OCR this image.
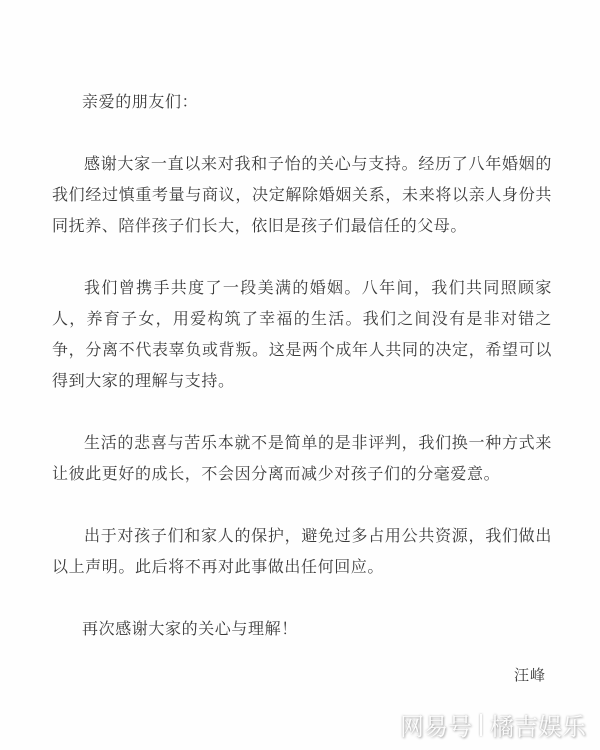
亲爱的朋友们：

感谢大家一直以来对我和子怡的关心与支持。经历了八年婚姻的我们经过慎重考量与商议，决定解除婚姻关系，未来将以亲人身份共同抚养、陪伴孩子们长大，依旧是孩子们最信任的父母。

我们曾携手共度了一段美满的婚姻。八年间，我们共同照顾家人，养育子女，用爱构筑了幸福的生活。我们之间没有是非对错之争，分离不代表辜负或背叛。这是两个成年人共同的决定，希望可以得到大家的理解与支持。

生活的悲喜与苦乐本就不是简单的是非评判，我们换一种方式来让彼此更好的成长，不会因分离而减少对孩子们的分毫爱意。

出于对孩子们和家人的保护，避免过多占用公共资源，我们做出以上声明。此后将不再对此事做出任何回应。

再次感谢大家的关心与理解！

汪峰
网易号 橘吉娱乐
